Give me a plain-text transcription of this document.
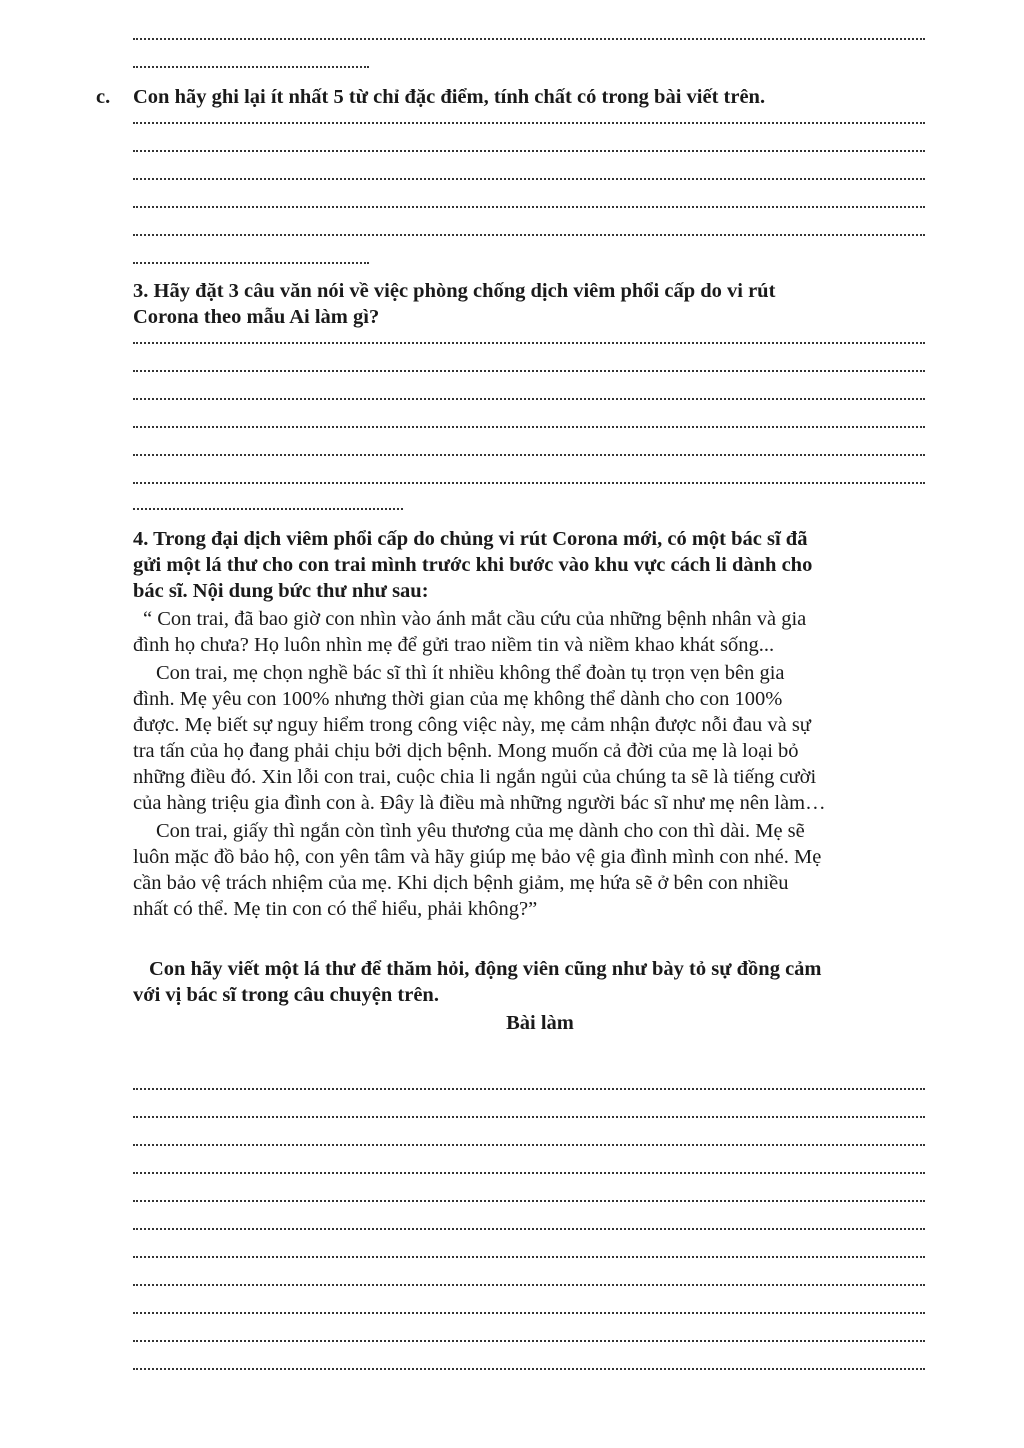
c.	Con hãy ghi lại ít nhất 5 từ chỉ đặc điểm, tính chất có trong bài viết trên.
3. Hãy đặt 3 câu văn nói về việc phòng chống dịch viêm phổi cấp do vi rút
Corona theo mẫu Ai làm gì?
4. Trong đại dịch viêm phổi cấp do chủng vi rút Corona mới, có một bác sĩ đã
gửi một lá thư cho con trai mình trước khi bước vào khu vực cách li dành cho
bác sĩ. Nội dung bức thư như sau:
“ Con trai, đã bao giờ con nhìn vào ánh mắt cầu cứu của những bệnh nhân và gia
đình họ chưa? Họ luôn nhìn mẹ để gửi trao niềm tin và niềm khao khát sống...
Con trai, mẹ chọn nghề bác sĩ thì ít nhiều không thể đoàn tụ trọn vẹn bên gia
đình. Mẹ yêu con 100% nhưng thời gian của mẹ không thể dành cho con 100%
được. Mẹ biết sự nguy hiểm trong công việc này, mẹ cảm nhận được nỗi đau và sự
tra tấn của họ đang phải chịu bởi dịch bệnh. Mong muốn cả đời của mẹ là loại bỏ
những điều đó. Xin lỗi con trai, cuộc chia li ngắn ngủi của chúng ta sẽ là tiếng cười
của hàng triệu gia đình con à. Đây là điều mà những người bác sĩ như mẹ nên làm…
Con trai, giấy thì ngắn còn tình yêu thương của mẹ dành cho con thì dài. Mẹ sẽ
luôn mặc đồ bảo hộ, con yên tâm và hãy giúp mẹ bảo vệ gia đình mình con nhé. Mẹ
cần bảo vệ trách nhiệm của mẹ. Khi dịch bệnh giảm, mẹ hứa sẽ ở bên con nhiều
nhất có thể. Mẹ tin con có thể hiểu, phải không?”
Con hãy viết một lá thư để thăm hỏi, động viên cũng như bày tỏ sự đồng cảm
với vị bác sĩ trong câu chuyện trên.
Bài làm
